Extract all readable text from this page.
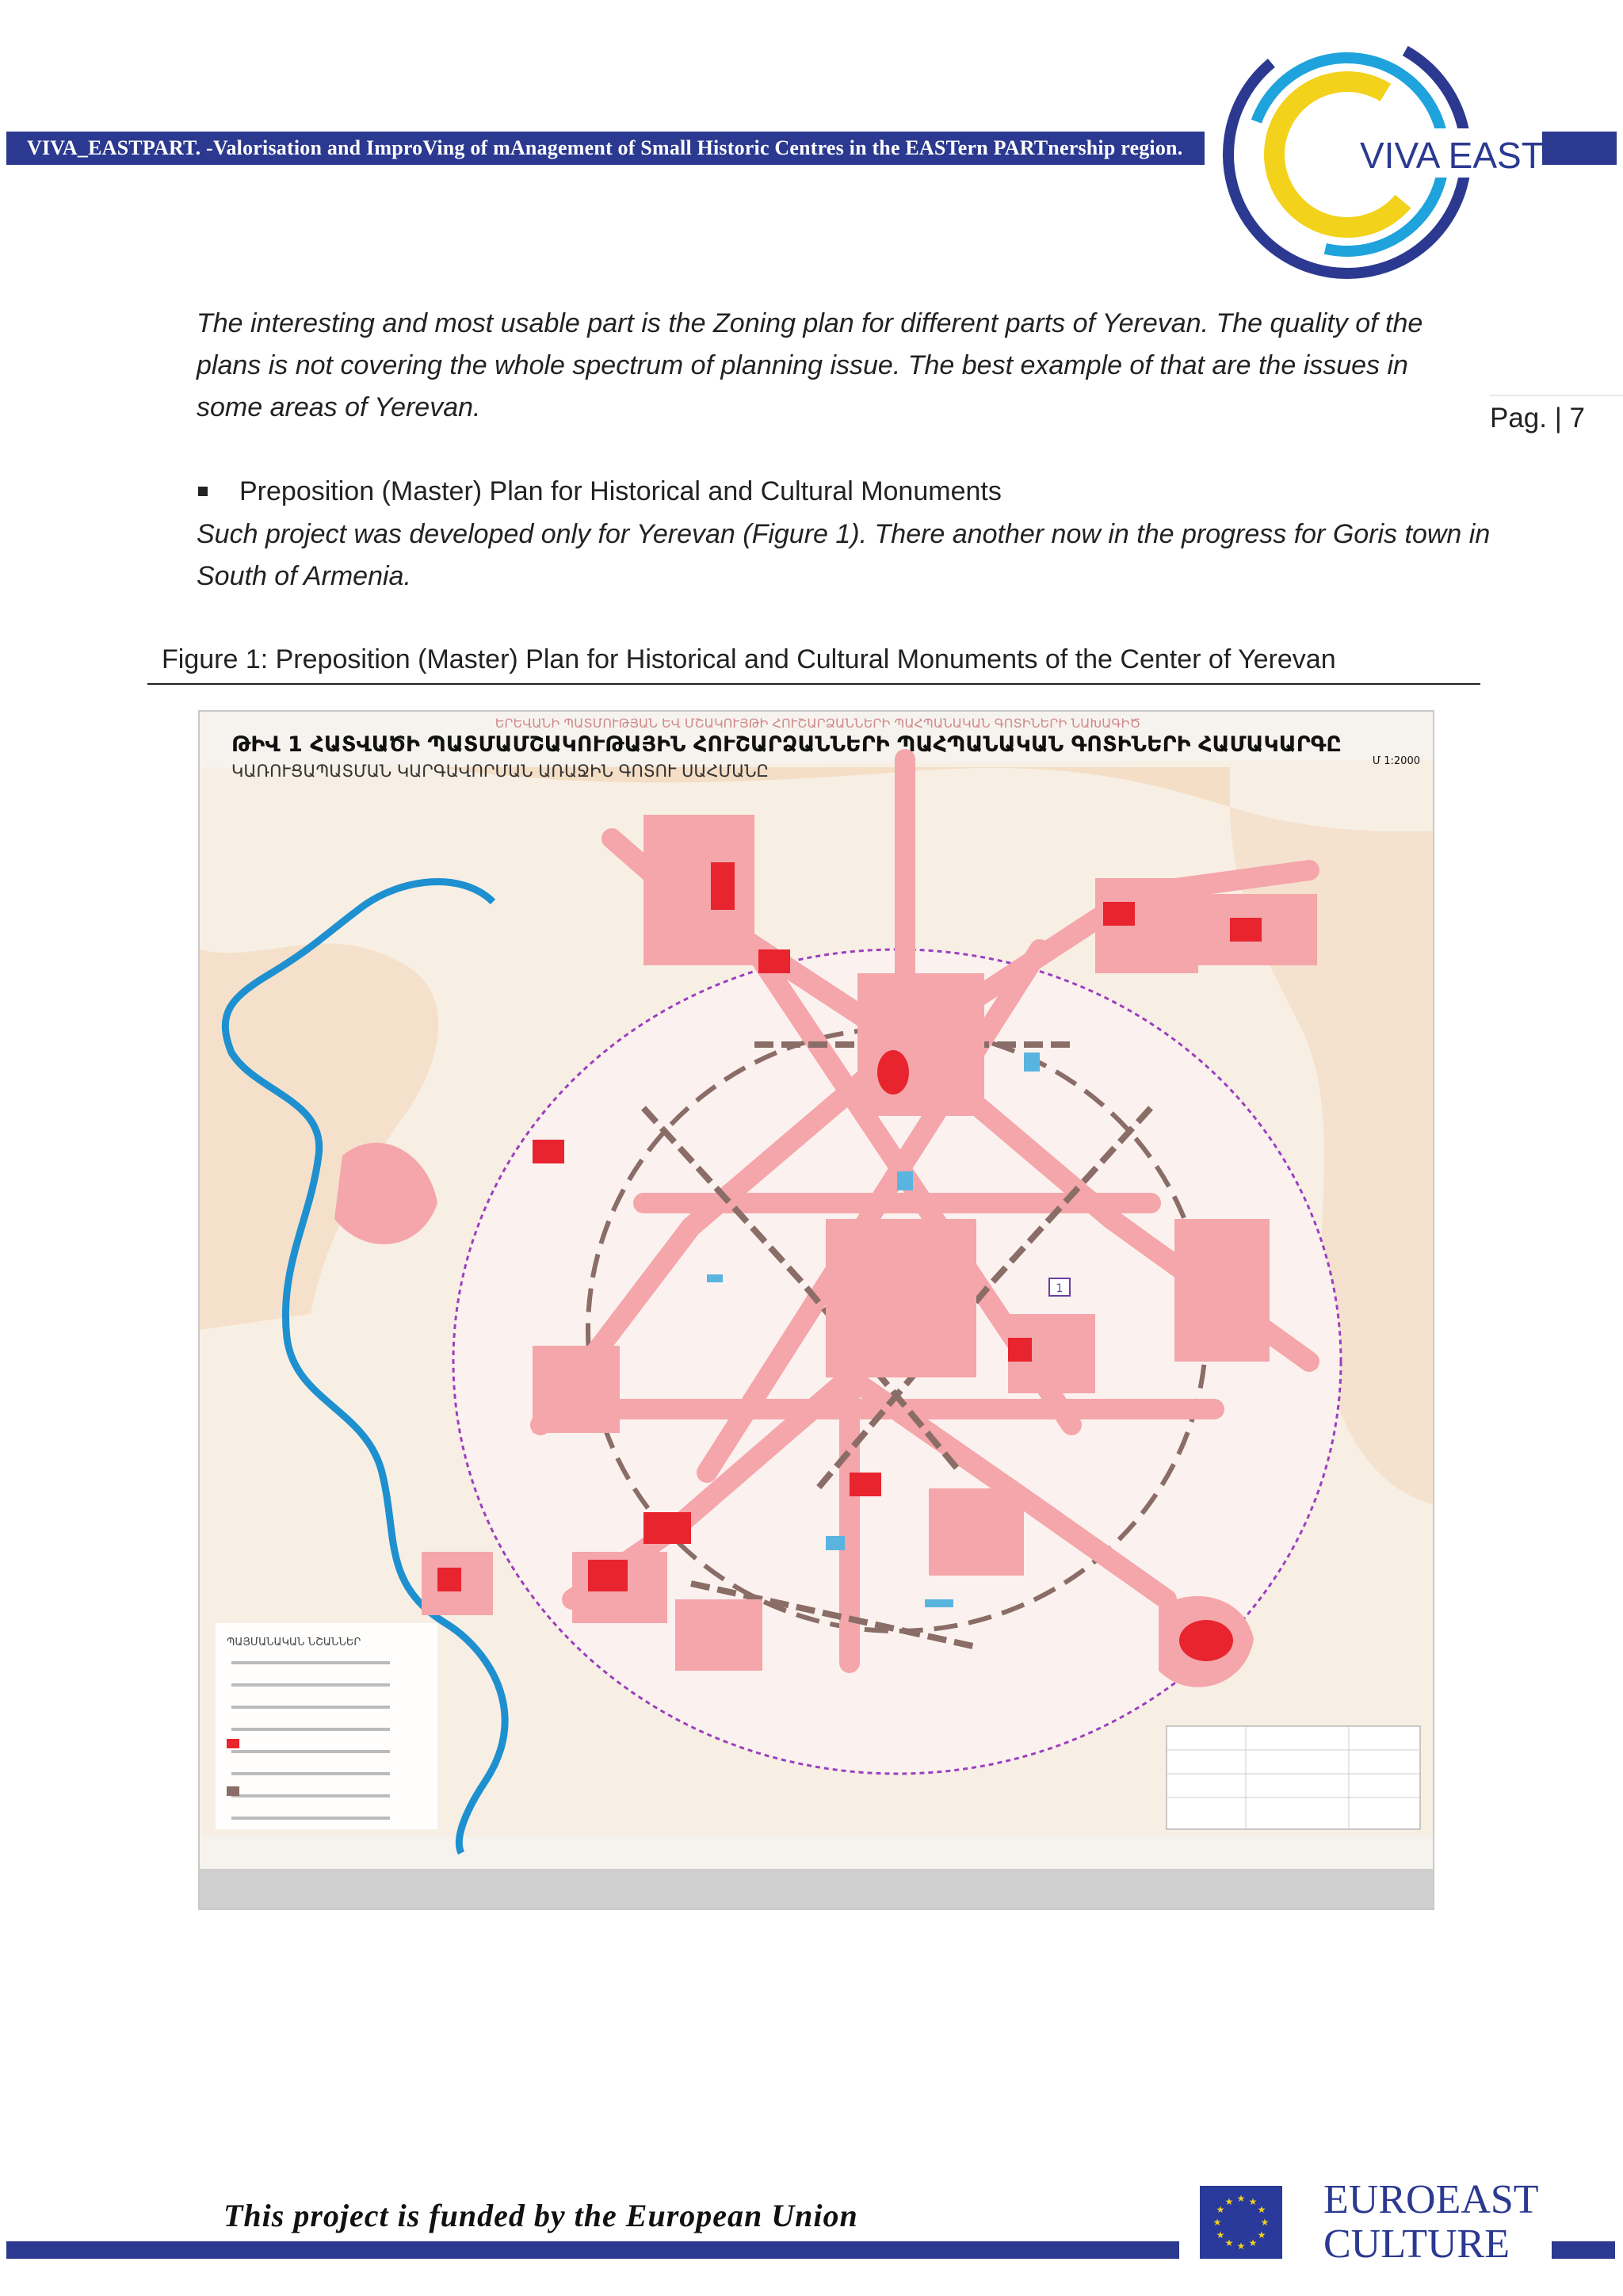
VIVA_EASTPART. -Valorisation and ImproVing of mAnagement of Small Historic Centres in the EASTern PARTnership region.	VIVA EAST
Pag. | 7
The interesting and most usable part is the Zoning plan for different parts of Yerevan. The quality of the plans is not covering the whole spectrum of planning issue. The best example of that are the issues in some areas of Yerevan.
Preposition (Master) Plan for Historical and Cultural Monuments
Such project was developed only for Yerevan (Figure 1). There another now in the progress for Goris town in South of Armenia.
Figure 1: Preposition (Master) Plan for Historical and Cultural Monuments of the Center of Yerevan
ԵՐԵՎԱՆԻ ՊԱՏՄՈՒԹՅԱՆ ԵՎ ՄՇԱԿՈՒՅԹԻ ՀՈՒՇԱՐՁԱՆՆԵՐԻ ՊԱՀՊԱՆԱԿԱՆ ԳՈՏԻՆԵՐԻ ՆԱԽԱԳԻԾ
ԹԻՎ 1 ՀԱՏՎԱԾԻ ՊԱՏՄԱՄՇԱԿՈՒԹԱՅԻՆ ՀՈՒՇԱՐՁԱՆՆԵՐԻ ՊԱՀՊԱՆԱԿԱՆ ԳՈՏԻՆԵՐԻ ՀԱՄԱԿԱՐԳԸ
Մ 1:2000
ԿԱՌՈՒՑԱՊԱՏՄԱՆ ԿԱՐԳԱՎՈՐՄԱՆ ԱՌԱՋԻՆ ԳՈՏՈՒ ՍԱՀՄԱՆԸ
1
ՊԱՅՄԱՆԱԿԱՆ ՆՇԱՆՆԵՐ
This project is funded by the European Union	★ ★
★
★
★
★
★
★
★
★
★
★ EUROEAST
CULTURE
